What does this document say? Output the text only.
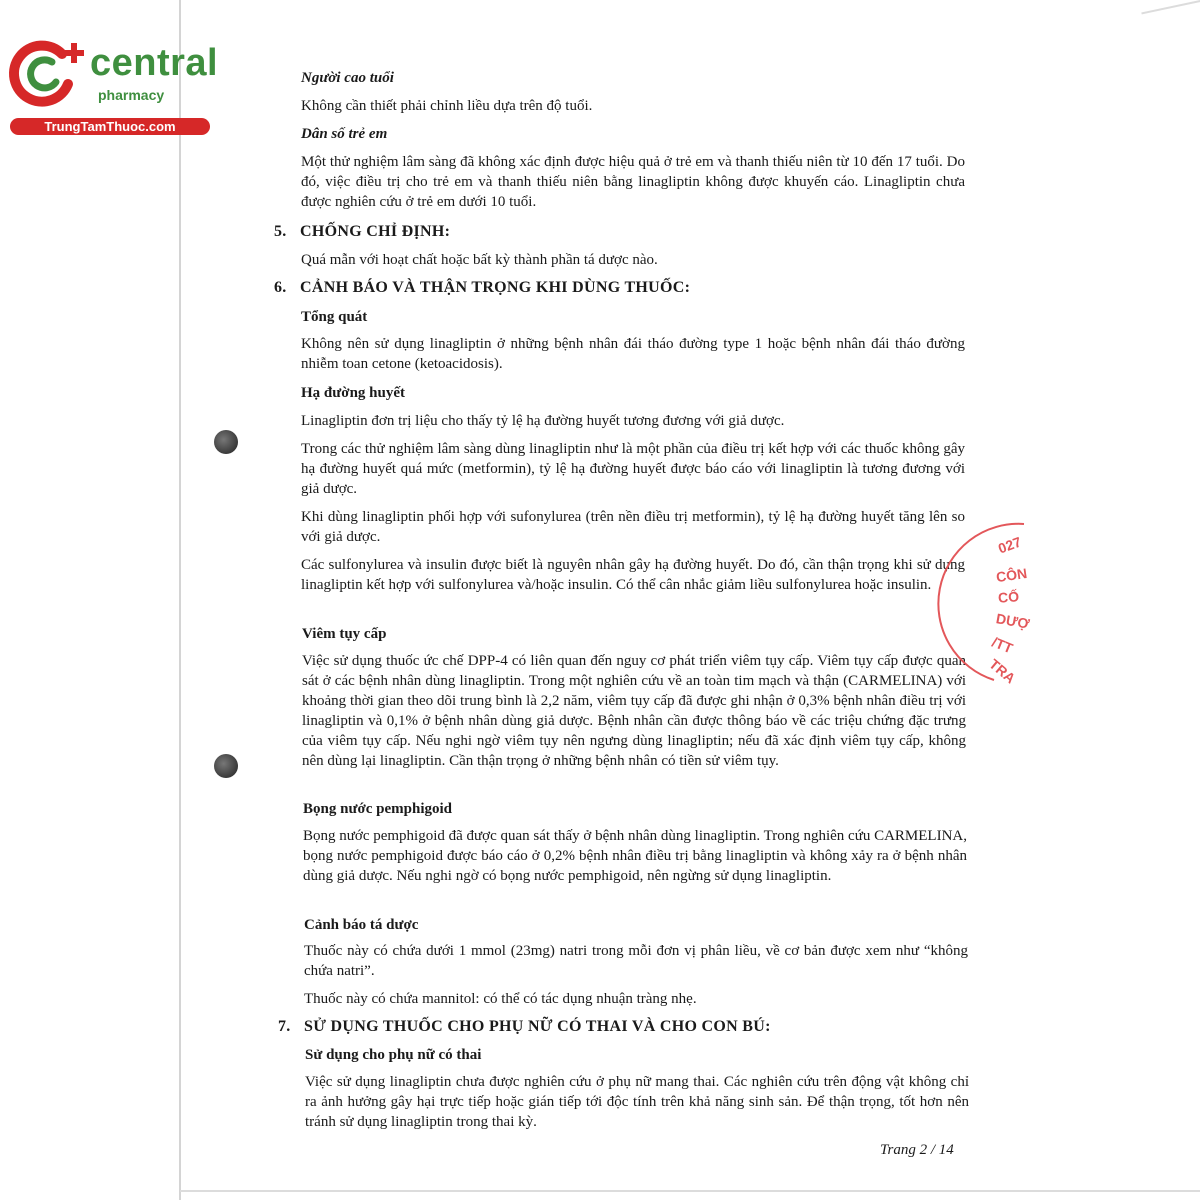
central
pharmacy
TrungTamThuoc.com
Người cao tuổi

Không cần thiết phải chỉnh liều dựa trên độ tuổi.

Dân số trẻ em

Một thử nghiệm lâm sàng đã không xác định được hiệu quả ở trẻ em và thanh thiếu niên từ 10 đến 17 tuổi. Do đó, việc điều trị cho trẻ em và thanh thiếu niên bằng linagliptin không được khuyến cáo. Linagliptin chưa được nghiên cứu ở trẻ em dưới 10 tuổi.

5. CHỐNG CHỈ ĐỊNH:

Quá mẫn với hoạt chất hoặc bất kỳ thành phần tá dược nào.

6. CẢNH BÁO VÀ THẬN TRỌNG KHI DÙNG THUỐC:
Tổng quát

Không nên sử dụng linagliptin ở những bệnh nhân đái tháo đường type 1 hoặc bệnh nhân đái tháo đường nhiễm toan cetone (ketoacidosis).

Hạ đường huyết

Linagliptin đơn trị liệu cho thấy tỷ lệ hạ đường huyết tương đương với giả dược.

Trong các thử nghiệm lâm sàng dùng linagliptin như là một phần của điều trị kết hợp với các thuốc không gây hạ đường huyết quá mức (metformin), tỷ lệ hạ đường huyết được báo cáo với linagliptin là tương đương với giả dược.

Khi dùng linagliptin phối hợp với sufonylurea (trên nền điều trị metformin), tỷ lệ hạ đường huyết tăng lên so với giả dược.

Các sulfonylurea và insulin được biết là nguyên nhân gây hạ đường huyết. Do đó, cần thận trọng khi sử dụng linagliptin kết hợp với sulfonylurea và/hoặc insulin. Có thể cân nhắc giảm liều sulfonylurea hoặc insulin.

Viêm tụy cấp

Việc sử dụng thuốc ức chế DPP-4 có liên quan đến nguy cơ phát triển viêm tụy cấp. Viêm tụy cấp được quan sát ở các bệnh nhân dùng linagliptin. Trong một nghiên cứu về an toàn tim mạch và thận (CARMELINA) với khoảng thời gian theo dõi trung bình là 2,2 năm, viêm tụy cấp đã được ghi nhận ở 0,3% bệnh nhân điều trị với linagliptin và 0,1% ở bệnh nhân dùng giả dược. Bệnh nhân cần được thông báo về các triệu chứng đặc trưng của viêm tụy cấp. Nếu nghi ngờ viêm tụy nên ngưng dùng linagliptin; nếu đã xác định viêm tụy cấp, không nên dùng lại linagliptin. Cần thận trọng ở những bệnh nhân có tiền sử viêm tụy.

Bọng nước pemphigoid

Bọng nước pemphigoid đã được quan sát thấy ở bệnh nhân dùng linagliptin. Trong nghiên cứu CARMELINA, bọng nước pemphigoid được báo cáo ở 0,2% bệnh nhân điều trị bằng linagliptin và không xảy ra ở bệnh nhân dùng giả dược. Nếu nghi ngờ có bọng nước pemphigoid, nên ngừng sử dụng linagliptin.

Cảnh báo tá dược

Thuốc này có chứa dưới 1 mmol (23mg) natri trong mỗi đơn vị phân liều, về cơ bản được xem như “không chứa natri”.

Thuốc này có chứa mannitol: có thể có tác dụng nhuận tràng nhẹ.

7. SỬ DỤNG THUỐC CHO PHỤ NỮ CÓ THAI VÀ CHO CON BÚ:
Sử dụng cho phụ nữ có thai

Việc sử dụng linagliptin chưa được nghiên cứu ở phụ nữ mang thai. Các nghiên cứu trên động vật không chỉ ra ảnh hưởng gây hại trực tiếp hoặc gián tiếp tới độc tính trên khả năng sinh sản. Để thận trọng, tốt hơn nên tránh sử dụng linagliptin trong thai kỳ.

Trang 2 / 14
027
CÔN
CỐ
DƯỢ
/TT
TRA
